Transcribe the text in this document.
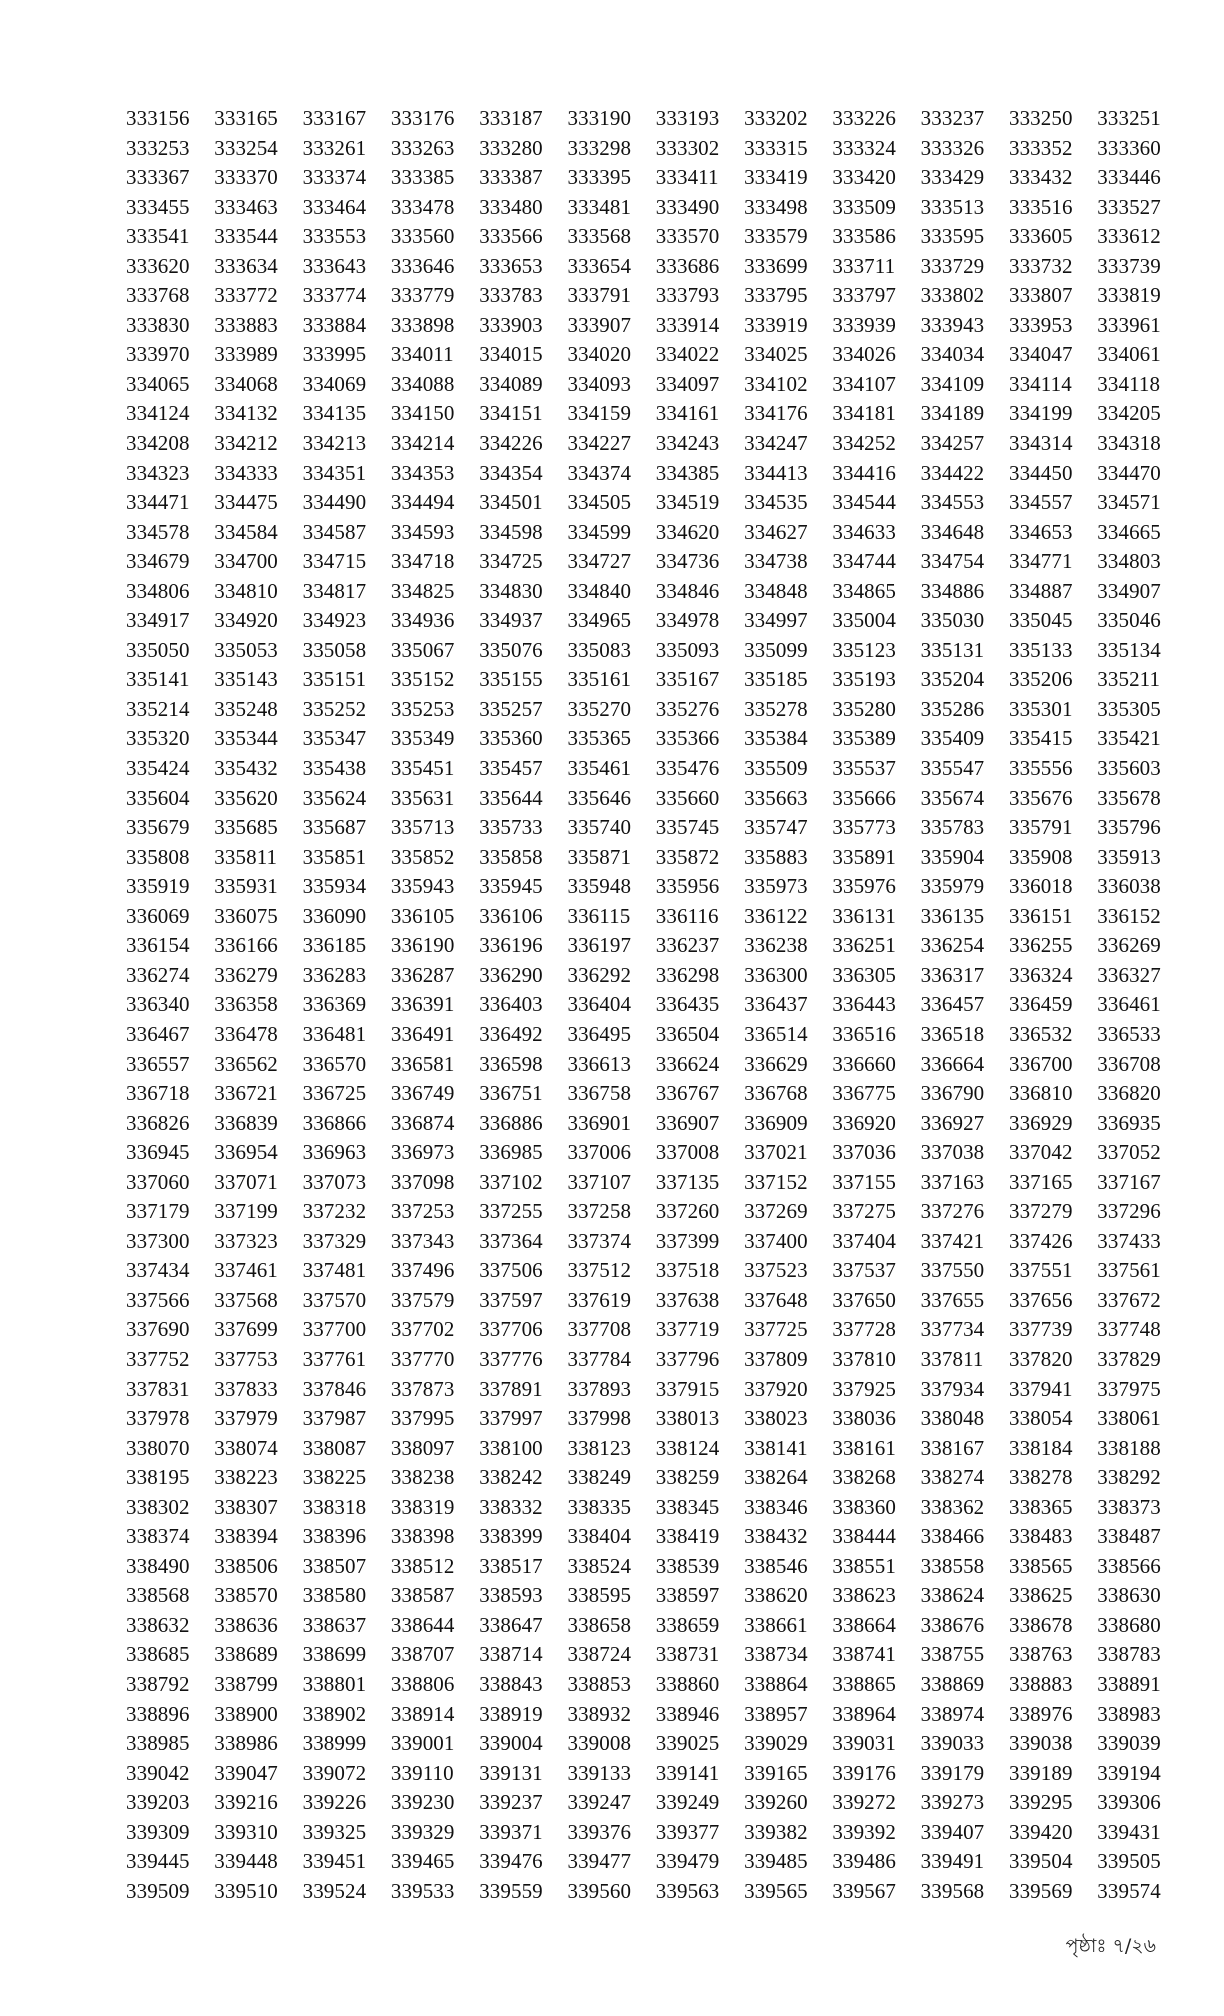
333156	333165	333167	333176	333187	333190	333193	333202	333226	333237	333250	333251
333253	333254	333261	333263	333280	333298	333302	333315	333324	333326	333352	333360
333367	333370	333374	333385	333387	333395	333411	333419	333420	333429	333432	333446
333455	333463	333464	333478	333480	333481	333490	333498	333509	333513	333516	333527
333541	333544	333553	333560	333566	333568	333570	333579	333586	333595	333605	333612
333620	333634	333643	333646	333653	333654	333686	333699	333711	333729	333732	333739
333768	333772	333774	333779	333783	333791	333793	333795	333797	333802	333807	333819
333830	333883	333884	333898	333903	333907	333914	333919	333939	333943	333953	333961
333970	333989	333995	334011	334015	334020	334022	334025	334026	334034	334047	334061
334065	334068	334069	334088	334089	334093	334097	334102	334107	334109	334114	334118
334124	334132	334135	334150	334151	334159	334161	334176	334181	334189	334199	334205
334208	334212	334213	334214	334226	334227	334243	334247	334252	334257	334314	334318
334323	334333	334351	334353	334354	334374	334385	334413	334416	334422	334450	334470
334471	334475	334490	334494	334501	334505	334519	334535	334544	334553	334557	334571
334578	334584	334587	334593	334598	334599	334620	334627	334633	334648	334653	334665
334679	334700	334715	334718	334725	334727	334736	334738	334744	334754	334771	334803
334806	334810	334817	334825	334830	334840	334846	334848	334865	334886	334887	334907
334917	334920	334923	334936	334937	334965	334978	334997	335004	335030	335045	335046
335050	335053	335058	335067	335076	335083	335093	335099	335123	335131	335133	335134
335141	335143	335151	335152	335155	335161	335167	335185	335193	335204	335206	335211
335214	335248	335252	335253	335257	335270	335276	335278	335280	335286	335301	335305
335320	335344	335347	335349	335360	335365	335366	335384	335389	335409	335415	335421
335424	335432	335438	335451	335457	335461	335476	335509	335537	335547	335556	335603
335604	335620	335624	335631	335644	335646	335660	335663	335666	335674	335676	335678
335679	335685	335687	335713	335733	335740	335745	335747	335773	335783	335791	335796
335808	335811	335851	335852	335858	335871	335872	335883	335891	335904	335908	335913
335919	335931	335934	335943	335945	335948	335956	335973	335976	335979	336018	336038
336069	336075	336090	336105	336106	336115	336116	336122	336131	336135	336151	336152
336154	336166	336185	336190	336196	336197	336237	336238	336251	336254	336255	336269
336274	336279	336283	336287	336290	336292	336298	336300	336305	336317	336324	336327
336340	336358	336369	336391	336403	336404	336435	336437	336443	336457	336459	336461
336467	336478	336481	336491	336492	336495	336504	336514	336516	336518	336532	336533
336557	336562	336570	336581	336598	336613	336624	336629	336660	336664	336700	336708
336718	336721	336725	336749	336751	336758	336767	336768	336775	336790	336810	336820
336826	336839	336866	336874	336886	336901	336907	336909	336920	336927	336929	336935
336945	336954	336963	336973	336985	337006	337008	337021	337036	337038	337042	337052
337060	337071	337073	337098	337102	337107	337135	337152	337155	337163	337165	337167
337179	337199	337232	337253	337255	337258	337260	337269	337275	337276	337279	337296
337300	337323	337329	337343	337364	337374	337399	337400	337404	337421	337426	337433
337434	337461	337481	337496	337506	337512	337518	337523	337537	337550	337551	337561
337566	337568	337570	337579	337597	337619	337638	337648	337650	337655	337656	337672
337690	337699	337700	337702	337706	337708	337719	337725	337728	337734	337739	337748
337752	337753	337761	337770	337776	337784	337796	337809	337810	337811	337820	337829
337831	337833	337846	337873	337891	337893	337915	337920	337925	337934	337941	337975
337978	337979	337987	337995	337997	337998	338013	338023	338036	338048	338054	338061
338070	338074	338087	338097	338100	338123	338124	338141	338161	338167	338184	338188
338195	338223	338225	338238	338242	338249	338259	338264	338268	338274	338278	338292
338302	338307	338318	338319	338332	338335	338345	338346	338360	338362	338365	338373
338374	338394	338396	338398	338399	338404	338419	338432	338444	338466	338483	338487
338490	338506	338507	338512	338517	338524	338539	338546	338551	338558	338565	338566
338568	338570	338580	338587	338593	338595	338597	338620	338623	338624	338625	338630
338632	338636	338637	338644	338647	338658	338659	338661	338664	338676	338678	338680
338685	338689	338699	338707	338714	338724	338731	338734	338741	338755	338763	338783
338792	338799	338801	338806	338843	338853	338860	338864	338865	338869	338883	338891
338896	338900	338902	338914	338919	338932	338946	338957	338964	338974	338976	338983
338985	338986	338999	339001	339004	339008	339025	339029	339031	339033	339038	339039
339042	339047	339072	339110	339131	339133	339141	339165	339176	339179	339189	339194
339203	339216	339226	339230	339237	339247	339249	339260	339272	339273	339295	339306
339309	339310	339325	339329	339371	339376	339377	339382	339392	339407	339420	339431
339445	339448	339451	339465	339476	339477	339479	339485	339486	339491	339504	339505
339509	339510	339524	339533	339559	339560	339563	339565	339567	339568	339569	339574
পৃষ্ঠাঃ ৭/২৬
